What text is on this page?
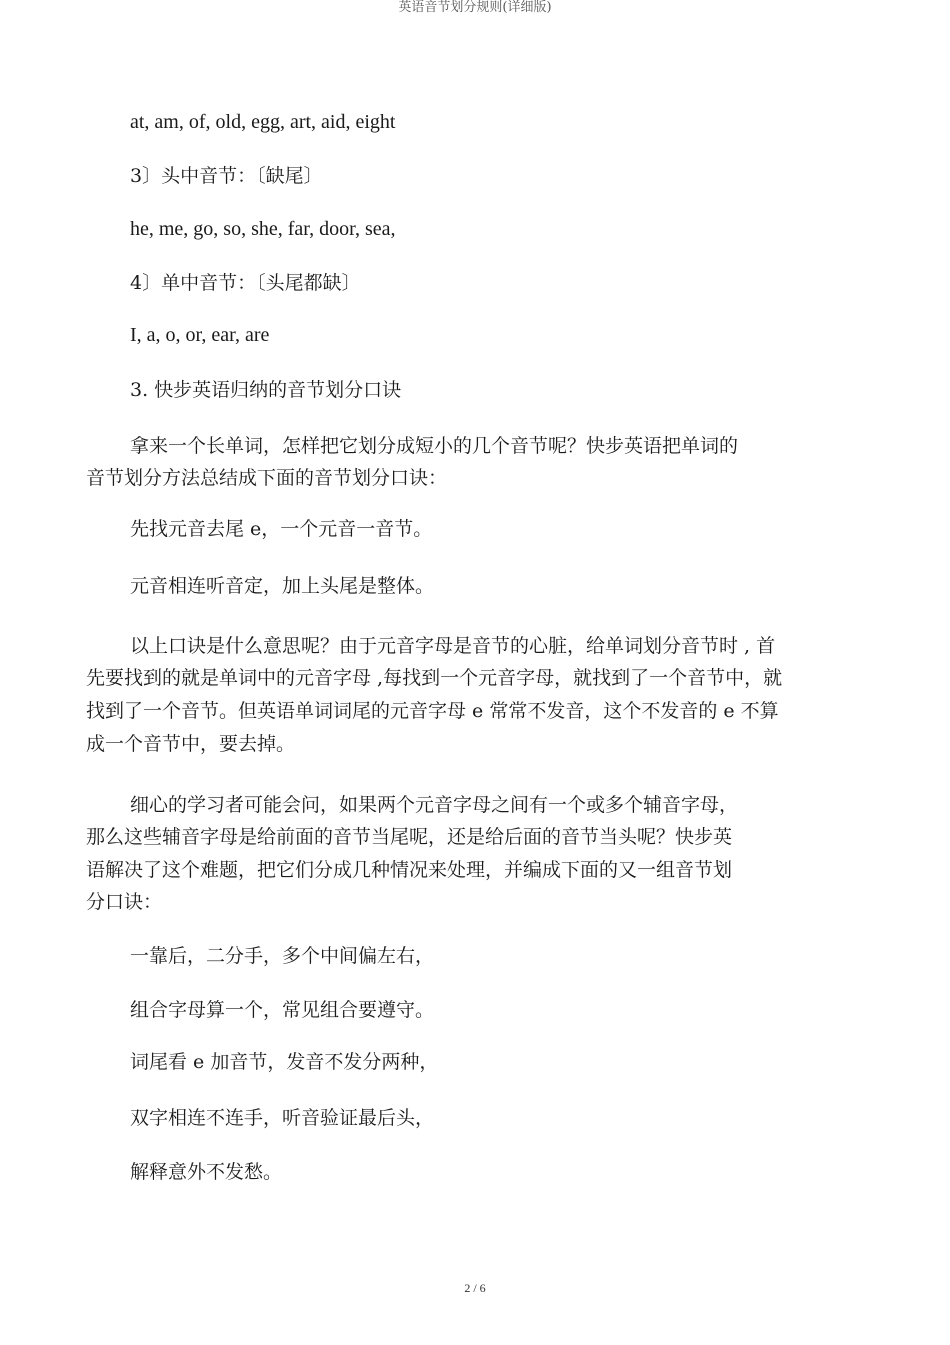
英语音节划分规则(详细版)
at, am, of, old, egg, art, aid, eight
3〕头中音节：〔缺尾〕
he, me, go, so, she, far, door, sea,
4〕单中音节：〔头尾都缺〕
I, a, o, or, ear, are
3. 快步英语归纳的音节划分口诀
拿来一个长单词，怎样把它划分成短小的几个音节呢？快步英语把单词的
音节划分方法总结成下面的音节划分口诀：
先找元音去尾 e，一个元音一音节。
元音相连听音定，加上头尾是整体。
以上口诀是什么意思呢？由于元音字母是音节的心脏，给单词划分音节时 , 首
先要找到的就是单词中的元音字母 ,每找到一个元音字母，就找到了一个音节中，就
找到了一个音节。但英语单词词尾的元音字母 e 常常不发音，这个不发音的 e 不算
成一个音节中，要去掉。
细心的学习者可能会问，如果两个元音字母之间有一个或多个辅音字母，
那么这些辅音字母是给前面的音节当尾呢，还是给后面的音节当头呢？快步英
语解决了这个难题，把它们分成几种情况来处理，并编成下面的又一组音节划
分口诀：
一靠后，二分手，多个中间偏左右，
组合字母算一个，常见组合要遵守。
词尾看 e 加音节，发音不发分两种，
双字相连不连手，听音验证最后头，
解释意外不发愁。
2 / 6
